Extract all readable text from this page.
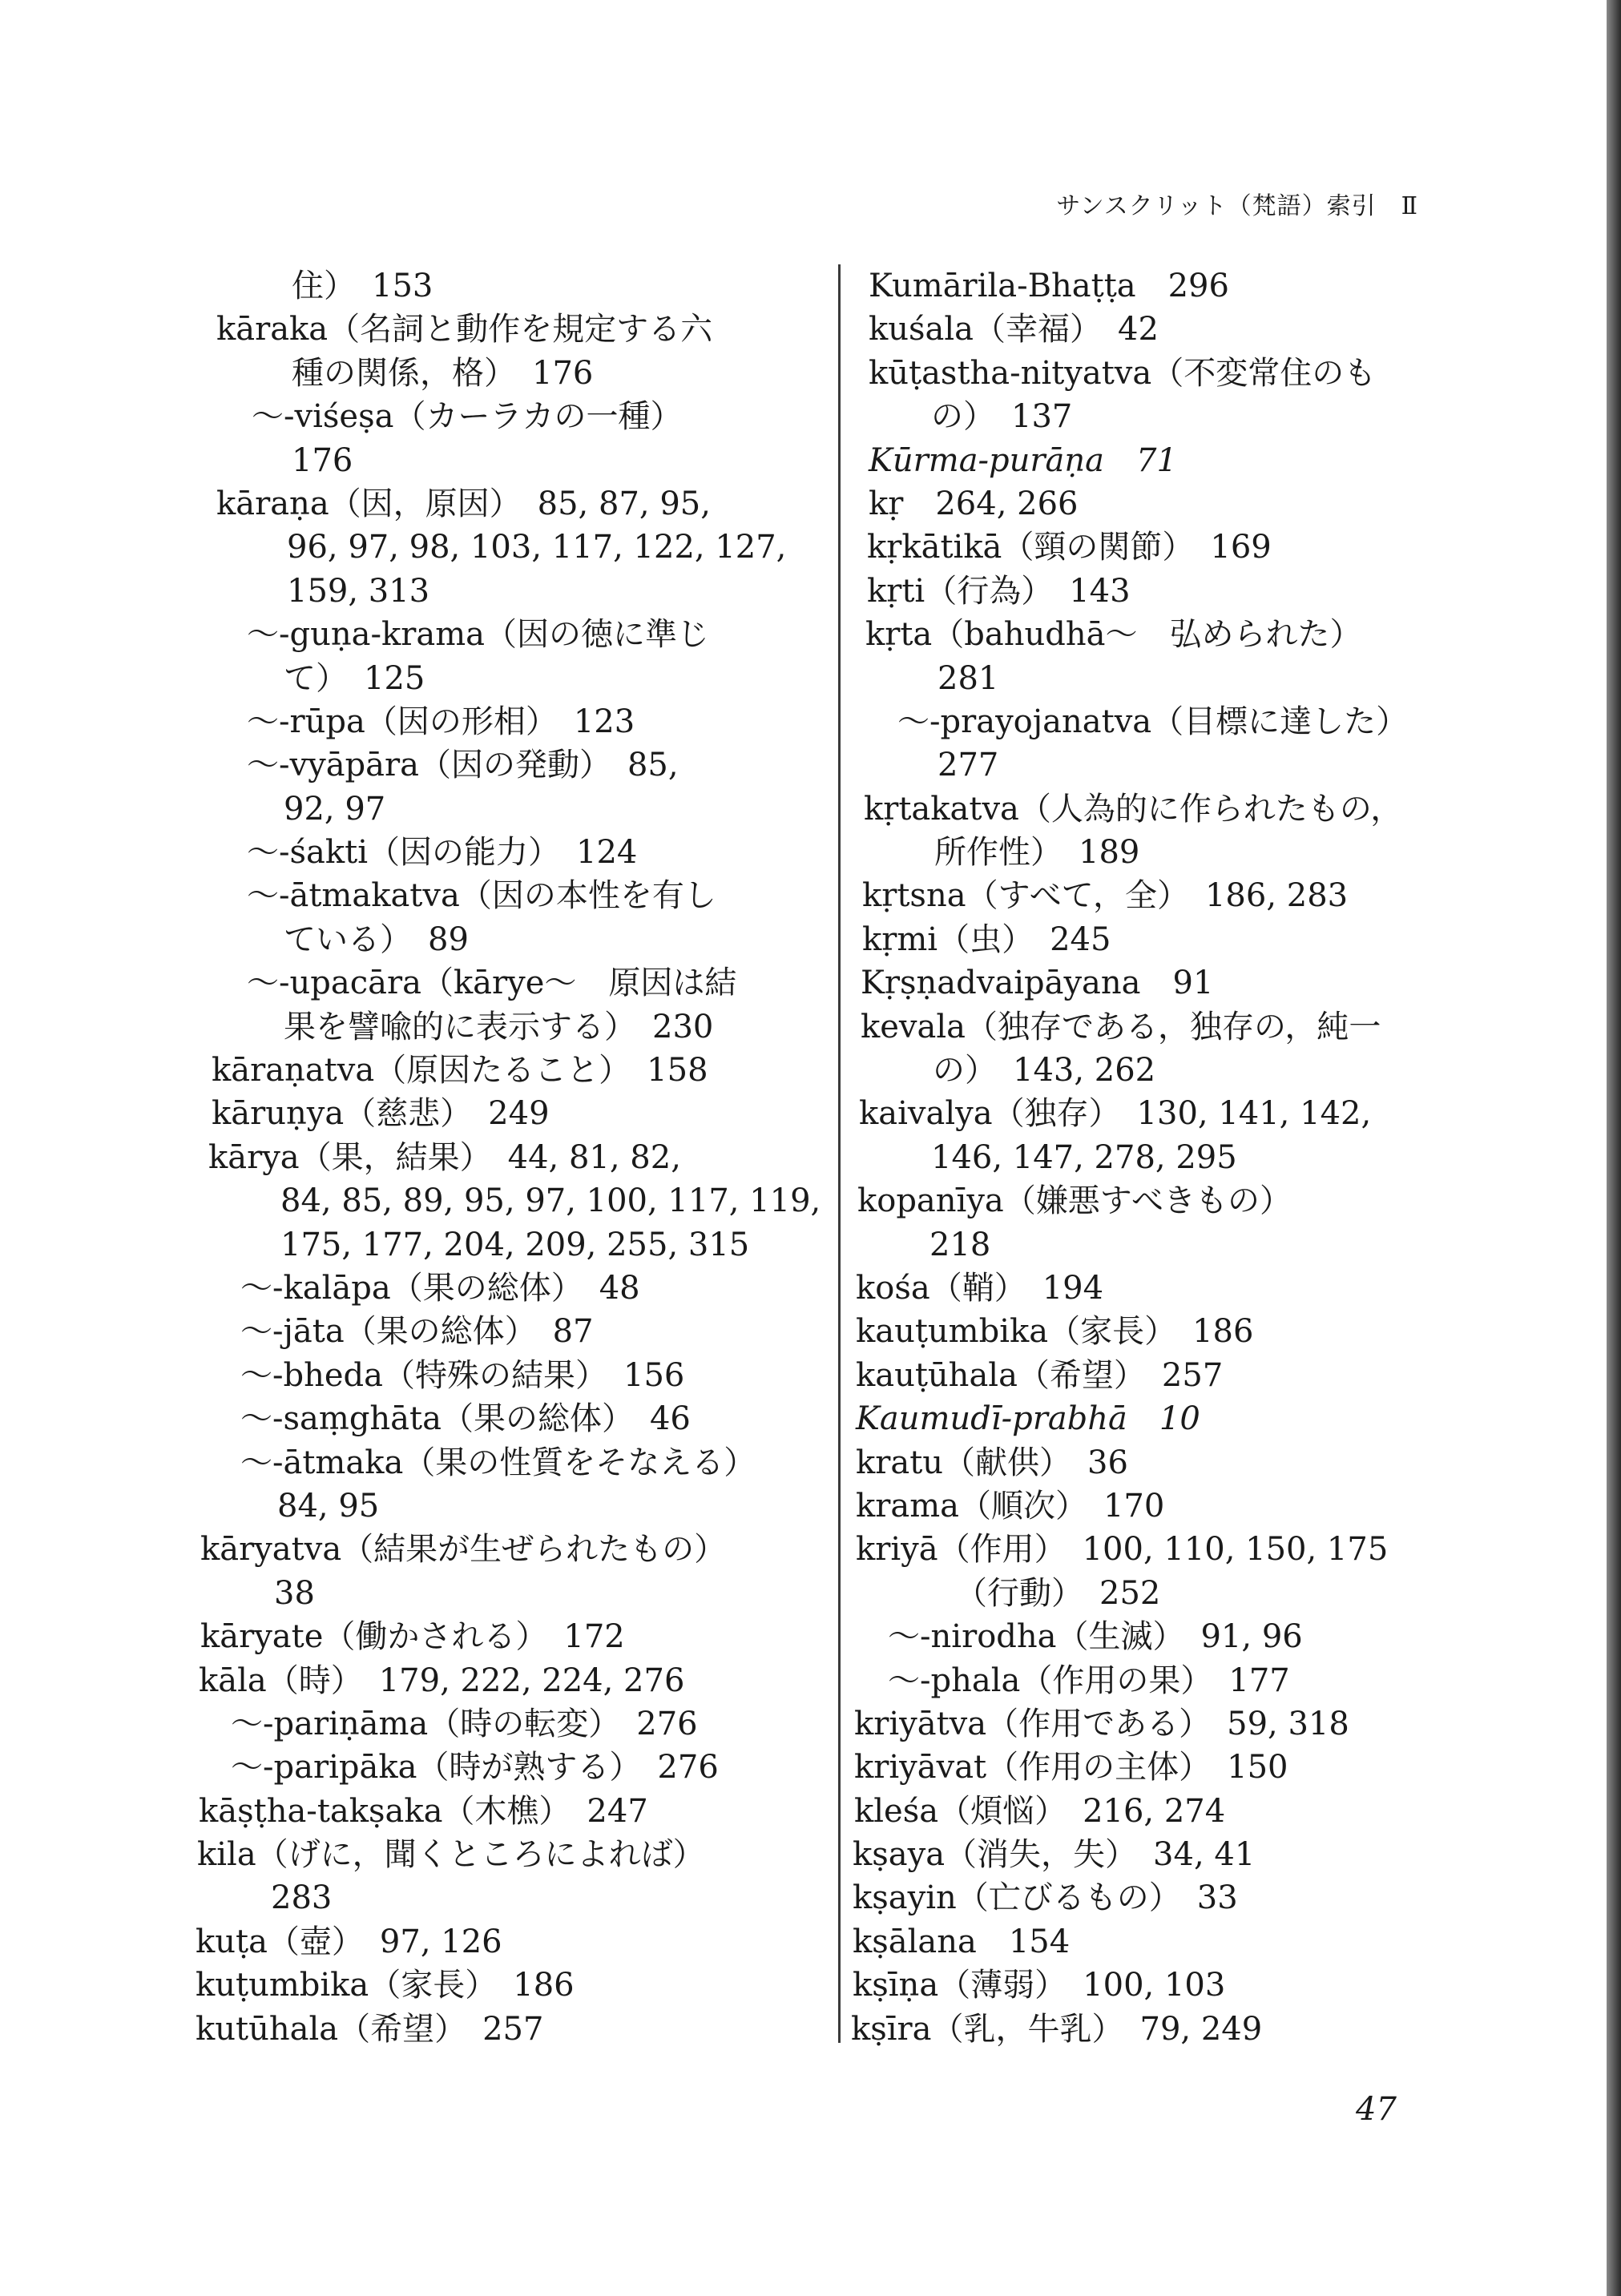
サンスクリット（梵語）索引　Ⅱ
住）　153
kāraka（名詞と動作を規定する六
種の関係，格）　176
～-viśeṣa（カーラカの一種）
176
kāraṇa（因，原因）　85, 87, 95,
96, 97, 98, 103, 117, 122, 127,
159, 313
～-guṇa-krama（因の徳に準じ
て）　125
～-rūpa（因の形相）　123
～-vyāpāra（因の発動）　85,
92, 97
～-śakti（因の能力）　124
～-ātmakatva（因の本性を有し
ている）　89
～-upacāra（kārye～　原因は結
果を譬喩的に表示する）　230
kāraṇatva（原因たること）　158
kāruṇya（慈悲）　249
kārya（果，結果）　44, 81, 82,
84, 85, 89, 95, 97, 100, 117, 119,
175, 177, 204, 209, 255, 315
～-kalāpa（果の総体）　48
～-jāta（果の総体）　87
～-bheda（特殊の結果）　156
～-saṃghāta（果の総体）　46
～-ātmaka（果の性質をそなえる）
84, 95
kāryatva（結果が生ぜられたもの）
38
kāryate（働かされる）　172
kāla（時）　179, 222, 224, 276
～-pariṇāma（時の転変）　276
～-paripāka（時が熟する）　276
kāṣṭha-takṣaka（木樵）　247
kila（げに，聞くところによれば）
283
kuṭa（壺）　97, 126
kuṭumbika（家長）　186
kutūhala（希望）　257
Kumārila-Bhaṭṭa　296
kuśala（幸福）　42
kūṭastha-nityatva（不変常住のも
の）　137
Kūrma-purāṇa　71
kṛ　264, 266
kṛkātikā（頸の関節）　169
kṛti（行為）　143
kṛta（bahudhā～　弘められた）
281
～-prayojanatva（目標に達した）
277
kṛtakatva（人為的に作られたもの，
所作性）　189
kṛtsna（すべて，全）　186, 283
kṛmi（虫）　245
Kṛṣṇadvaipāyana　91
kevala（独存である，独存の，純一
の）　143, 262
kaivalya（独存）　130, 141, 142,
146, 147, 278, 295
kopanīya（嫌悪すべきもの）
218
kośa（鞘）　194
kauṭumbika（家長）　186
kauṭūhala（希望）　257
Kaumudī-prabhā　10
kratu（献供）　36
krama（順次）　170
kriyā（作用）　100, 110, 150, 175
（行動）　252
～-nirodha（生滅）　91, 96
～-phala（作用の果）　177
kriyātva（作用である）　59, 318
kriyāvat（作用の主体）　150
kleśa（煩悩）　216, 274
kṣaya（消失，失）　34, 41
kṣayin（亡びるもの）　33
kṣālana　154
kṣīṇa（薄弱）　100, 103
kṣīra（乳，牛乳）　79, 249
47
